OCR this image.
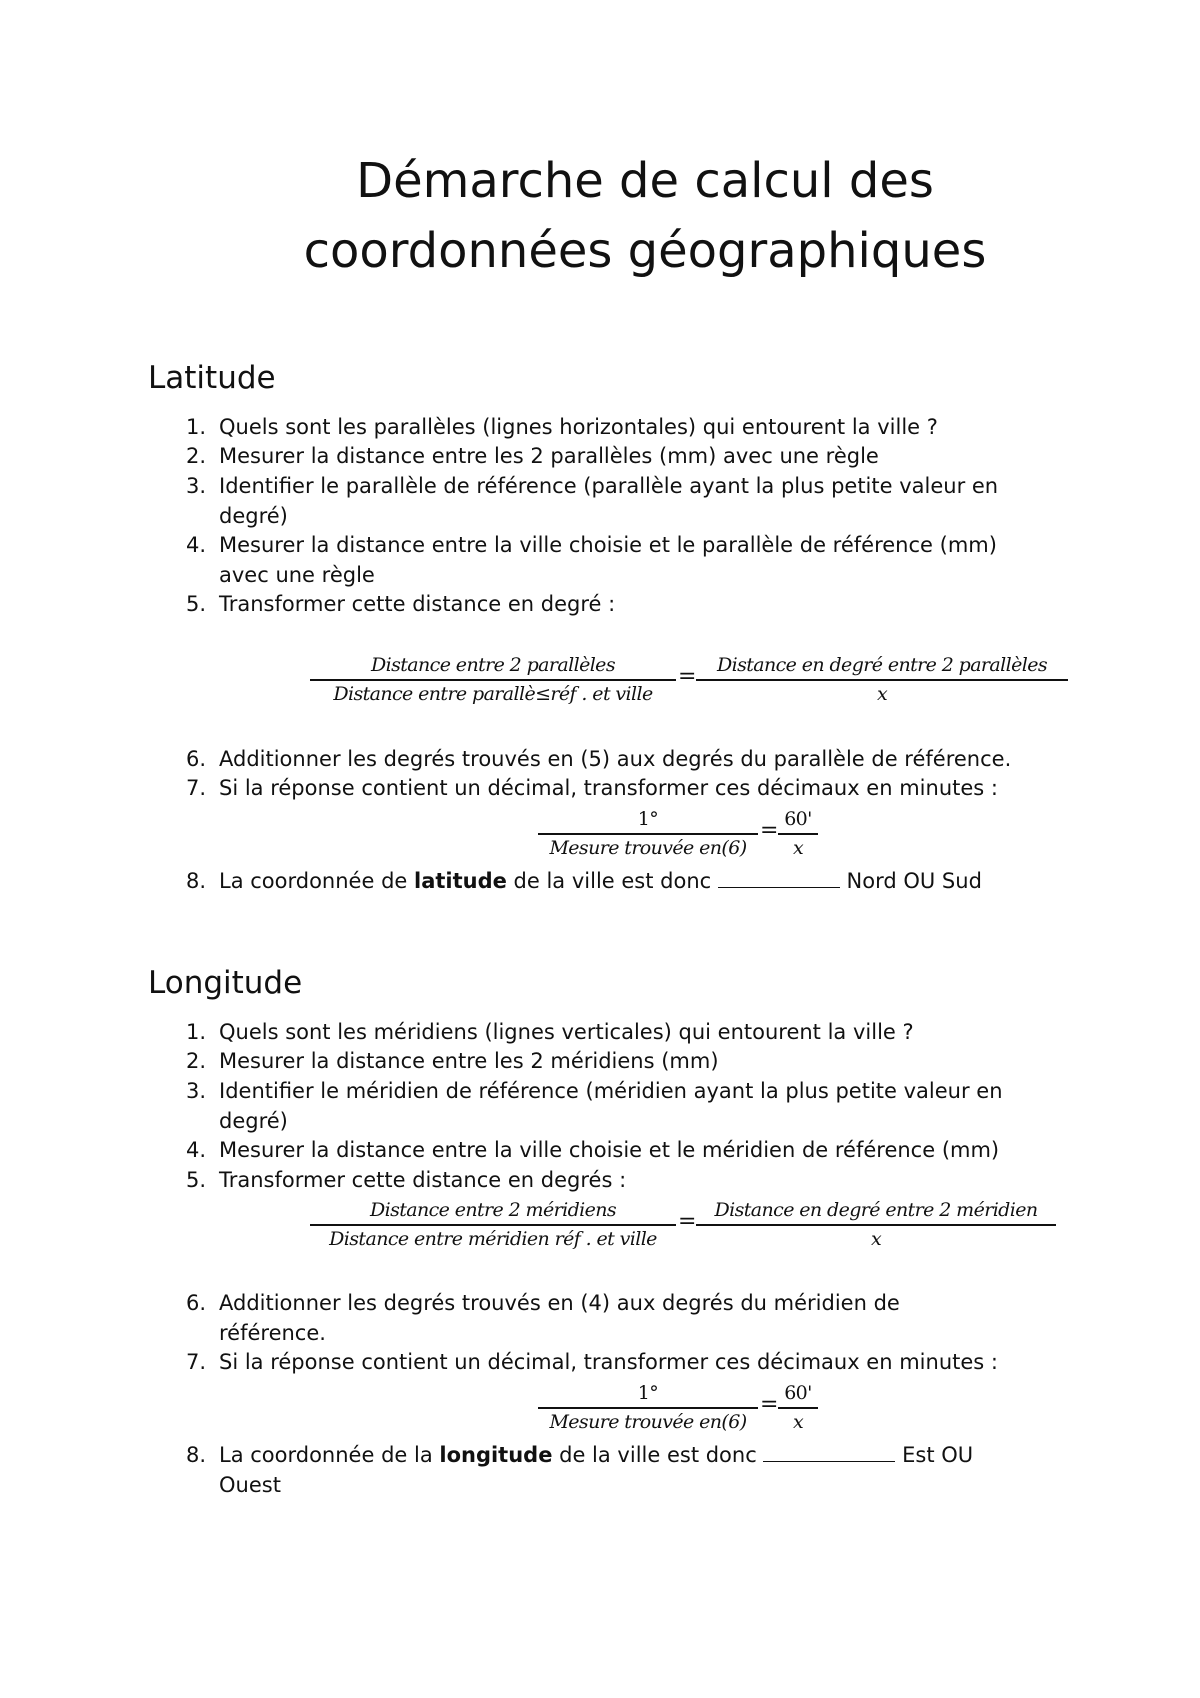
Démarche de calcul des
coordonnées géographiques
Latitude
1. Quels sont les parallèles (lignes horizontales) qui entourent la ville ?
2. Mesurer la distance entre les 2 parallèles (mm) avec une règle
3. Identifier le parallèle de référence (parallèle ayant la plus petite valeur en
degré)
4. Mesurer la distance entre la ville choisie et le parallèle de référence (mm)
avec une règle
5. Transformer cette distance en degré :
Distance entre 2 parallèles
Distance entre parallè≤réf . et ville
=	Distance en degré entre 2 parallèles
x
6. Additionner les degrés trouvés en (5) aux degrés du parallèle de référence.
7. Si la réponse contient un décimal, transformer ces décimaux en minutes :
1°
Mesure trouvée en(6)
= $\frac{60'}{x}$
8. La coordonnée de latitude de la ville est donc	Nord OU Sud
Longitude
1. Quels sont les méridiens (lignes verticales) qui entourent la ville ?
2. Mesurer la distance entre les 2 méridiens (mm)
3. Identifier le méridien de référence (méridien ayant la plus petite valeur en
degré)
4. Mesurer la distance entre la ville choisie et le méridien de référence (mm)
5. Transformer cette distance en degrés :
Distance entre 2 méridiens
Distance entre méridien réf . et ville
= Distance en degré entre 2 méridien
x
6. Additionner les degrés trouvés en (4) aux degrés du méridien de
référence.
7. Si la réponse contient un décimal, transformer ces décimaux en minutes :
1°
Mesure trouvée en(6)
= $\frac{60'}{x}$
8. La coordonnée de la longitude de la ville est donc	Est OU
Ouest
